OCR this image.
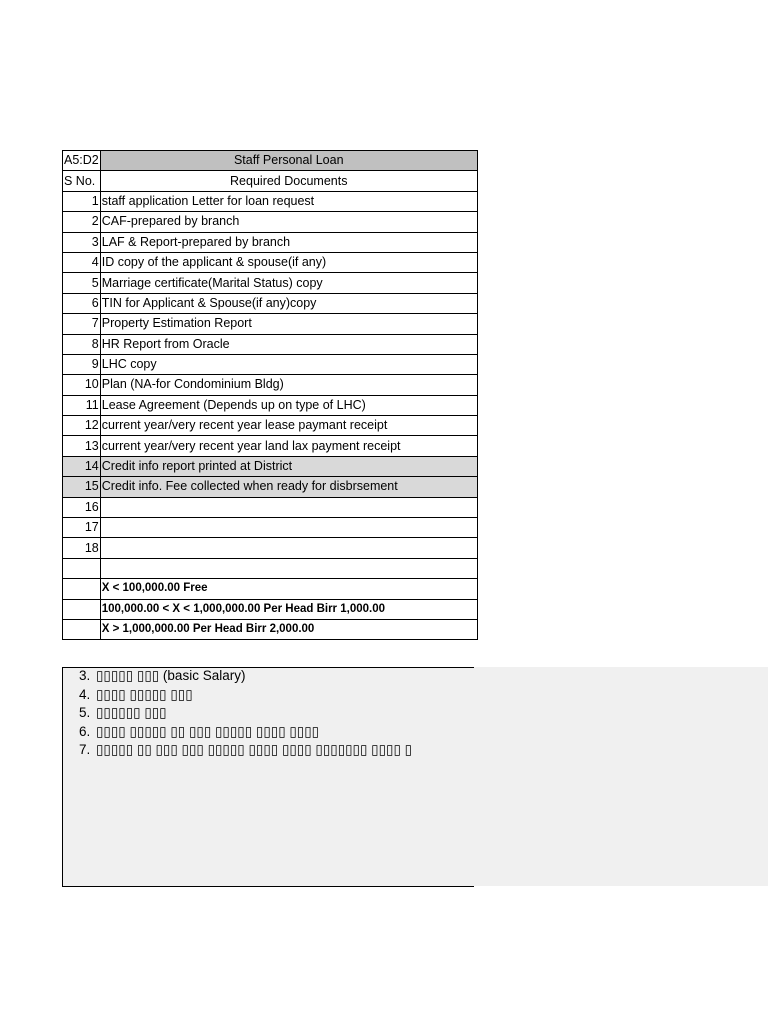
A5:D2	Staff Personal Loan
S No.	Required Documents
1	staff application Letter for loan request
2	CAF-prepared by branch
3	LAF & Report-prepared by branch
4	ID copy of the applicant & spouse(if any)
5	Marriage certificate(Marital Status) copy
6	TIN for Applicant & Spouse(if any)copy
7	Property Estimation Report
8	HR Report from Oracle
9	LHC copy
10	Plan (NA-for Condominium Bldg)
11	Lease Agreement (Depends up on type of LHC)
12	current year/very recent year lease paymant receipt
13	current year/very recent year land lax payment receipt
14	Credit info report printed at District
15	Credit info. Fee collected when ready for disbrsement
16	
17	
18	

	X < 100,000.00 Free
	100,000.00 < X < 1,000,000.00 Per Head Birr 1,000.00
	X > 1,000,000.00 Per Head Birr 2,000.00
3. ▯▯▯▯▯ ▯▯▯ (basic Salary)
4. ▯▯▯▯ ▯▯▯▯▯ ▯▯▯
5. ▯▯▯▯▯▯ ▯▯▯
6. ▯▯▯▯ ▯▯▯▯▯ ▯▯ ▯▯▯ ▯▯▯▯▯ ▯▯▯▯ ▯▯▯▯
7. ▯▯▯▯▯ ▯▯ ▯▯▯ ▯▯▯ ▯▯▯▯▯ ▯▯▯▯ ▯▯▯▯ ▯▯▯▯▯▯▯ ▯▯▯▯ ▯
